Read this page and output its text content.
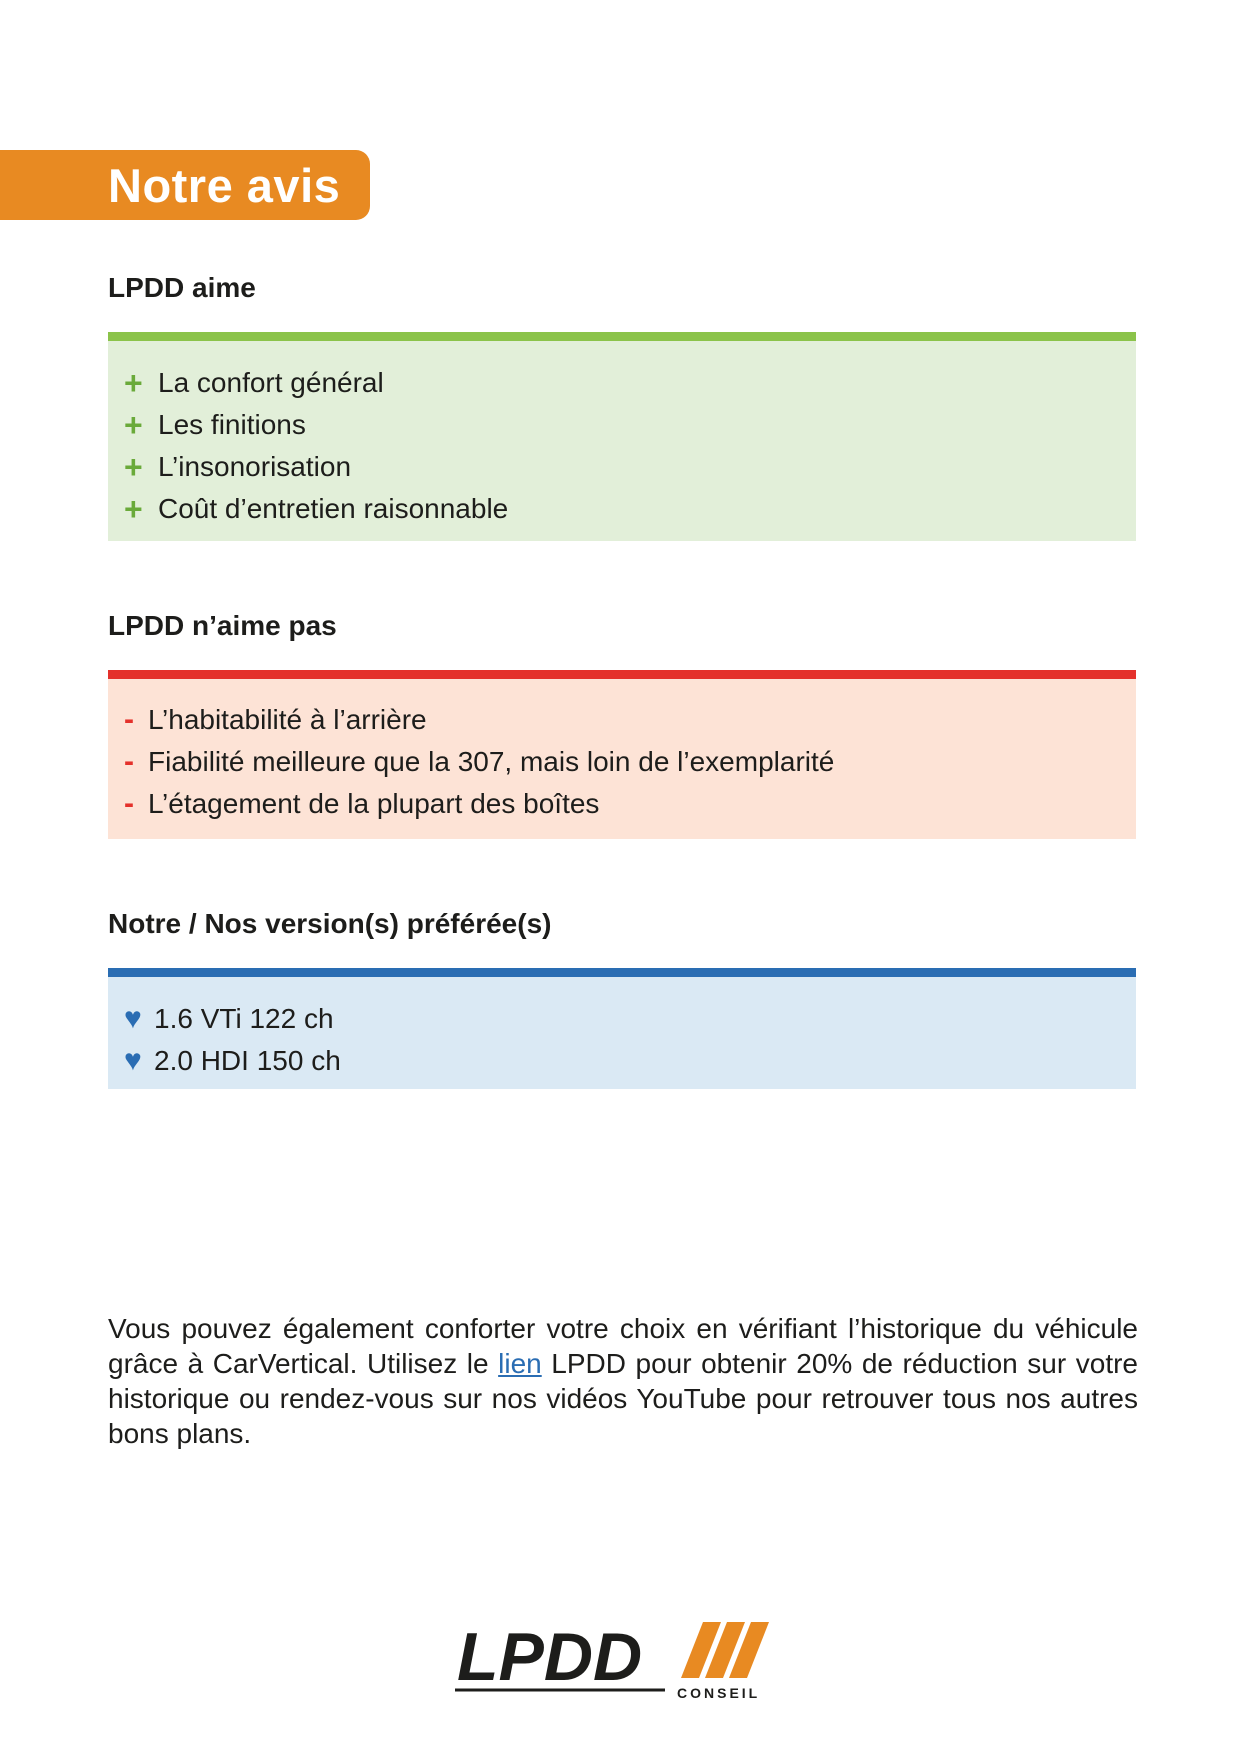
Notre avis
LPDD aime
+ La confort général
+ Les finitions
+ L’insonorisation
+ Coût d’entretien raisonnable
LPDD n’aime pas
- L’habitabilité à l’arrière
- Fiabilité meilleure que la 307, mais loin de l’exemplarité
- L’étagement de la plupart des boîtes
Notre / Nos version(s) préférée(s)
♥ 1.6 VTi 122 ch
♥ 2.0 HDI 150 ch

Vous pouvez également conforter votre choix en vérifiant l’historique du véhicule grâce à CarVertical. Utilisez le lien LPDD pour obtenir 20% de réduction sur votre historique ou rendez-vous sur nos vidéos YouTube pour retrouver tous nos autres bons plans.

LPDD CONSEIL
